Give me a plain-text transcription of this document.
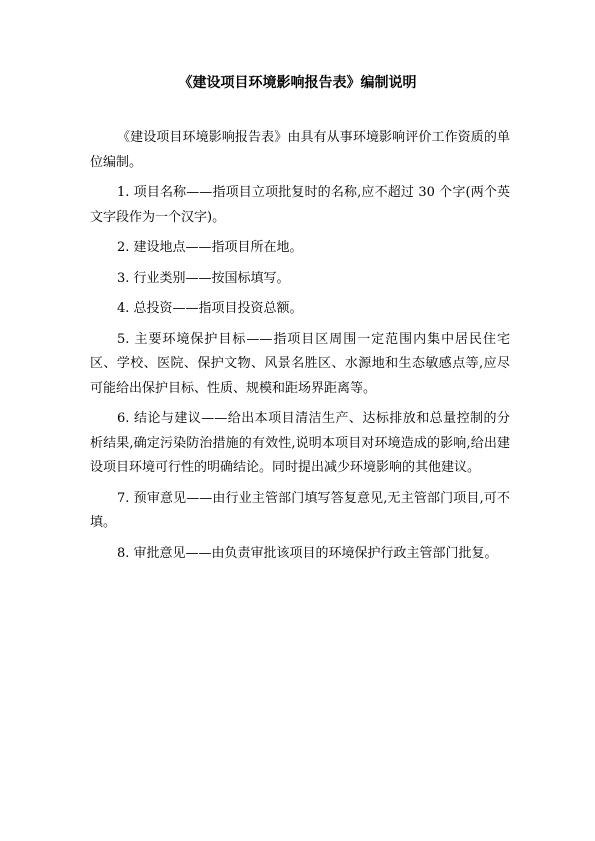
《建设项目环境影响报告表》编制说明

《建设项目环境影响报告表》由具有从事环境影响评价工作资质的单位编制。

1. 项目名称——指项目立项批复时的名称,应不超过 30 个字(两个英文字段作为一个汉字)。

2. 建设地点——指项目所在地。

3. 行业类别——按国标填写。

4. 总投资——指项目投资总额。

5. 主要环境保护目标——指项目区周围一定范围内集中居民住宅区、学校、医院、保护文物、风景名胜区、水源地和生态敏感点等,应尽可能给出保护目标、性质、规模和距场界距离等。

6. 结论与建议——给出本项目清洁生产、达标排放和总量控制的分析结果,确定污染防治措施的有效性,说明本项目对环境造成的影响,给出建设项目环境可行性的明确结论。同时提出减少环境影响的其他建议。

7. 预审意见——由行业主管部门填写答复意见,无主管部门项目,可不填。

8. 审批意见——由负责审批该项目的环境保护行政主管部门批复。
